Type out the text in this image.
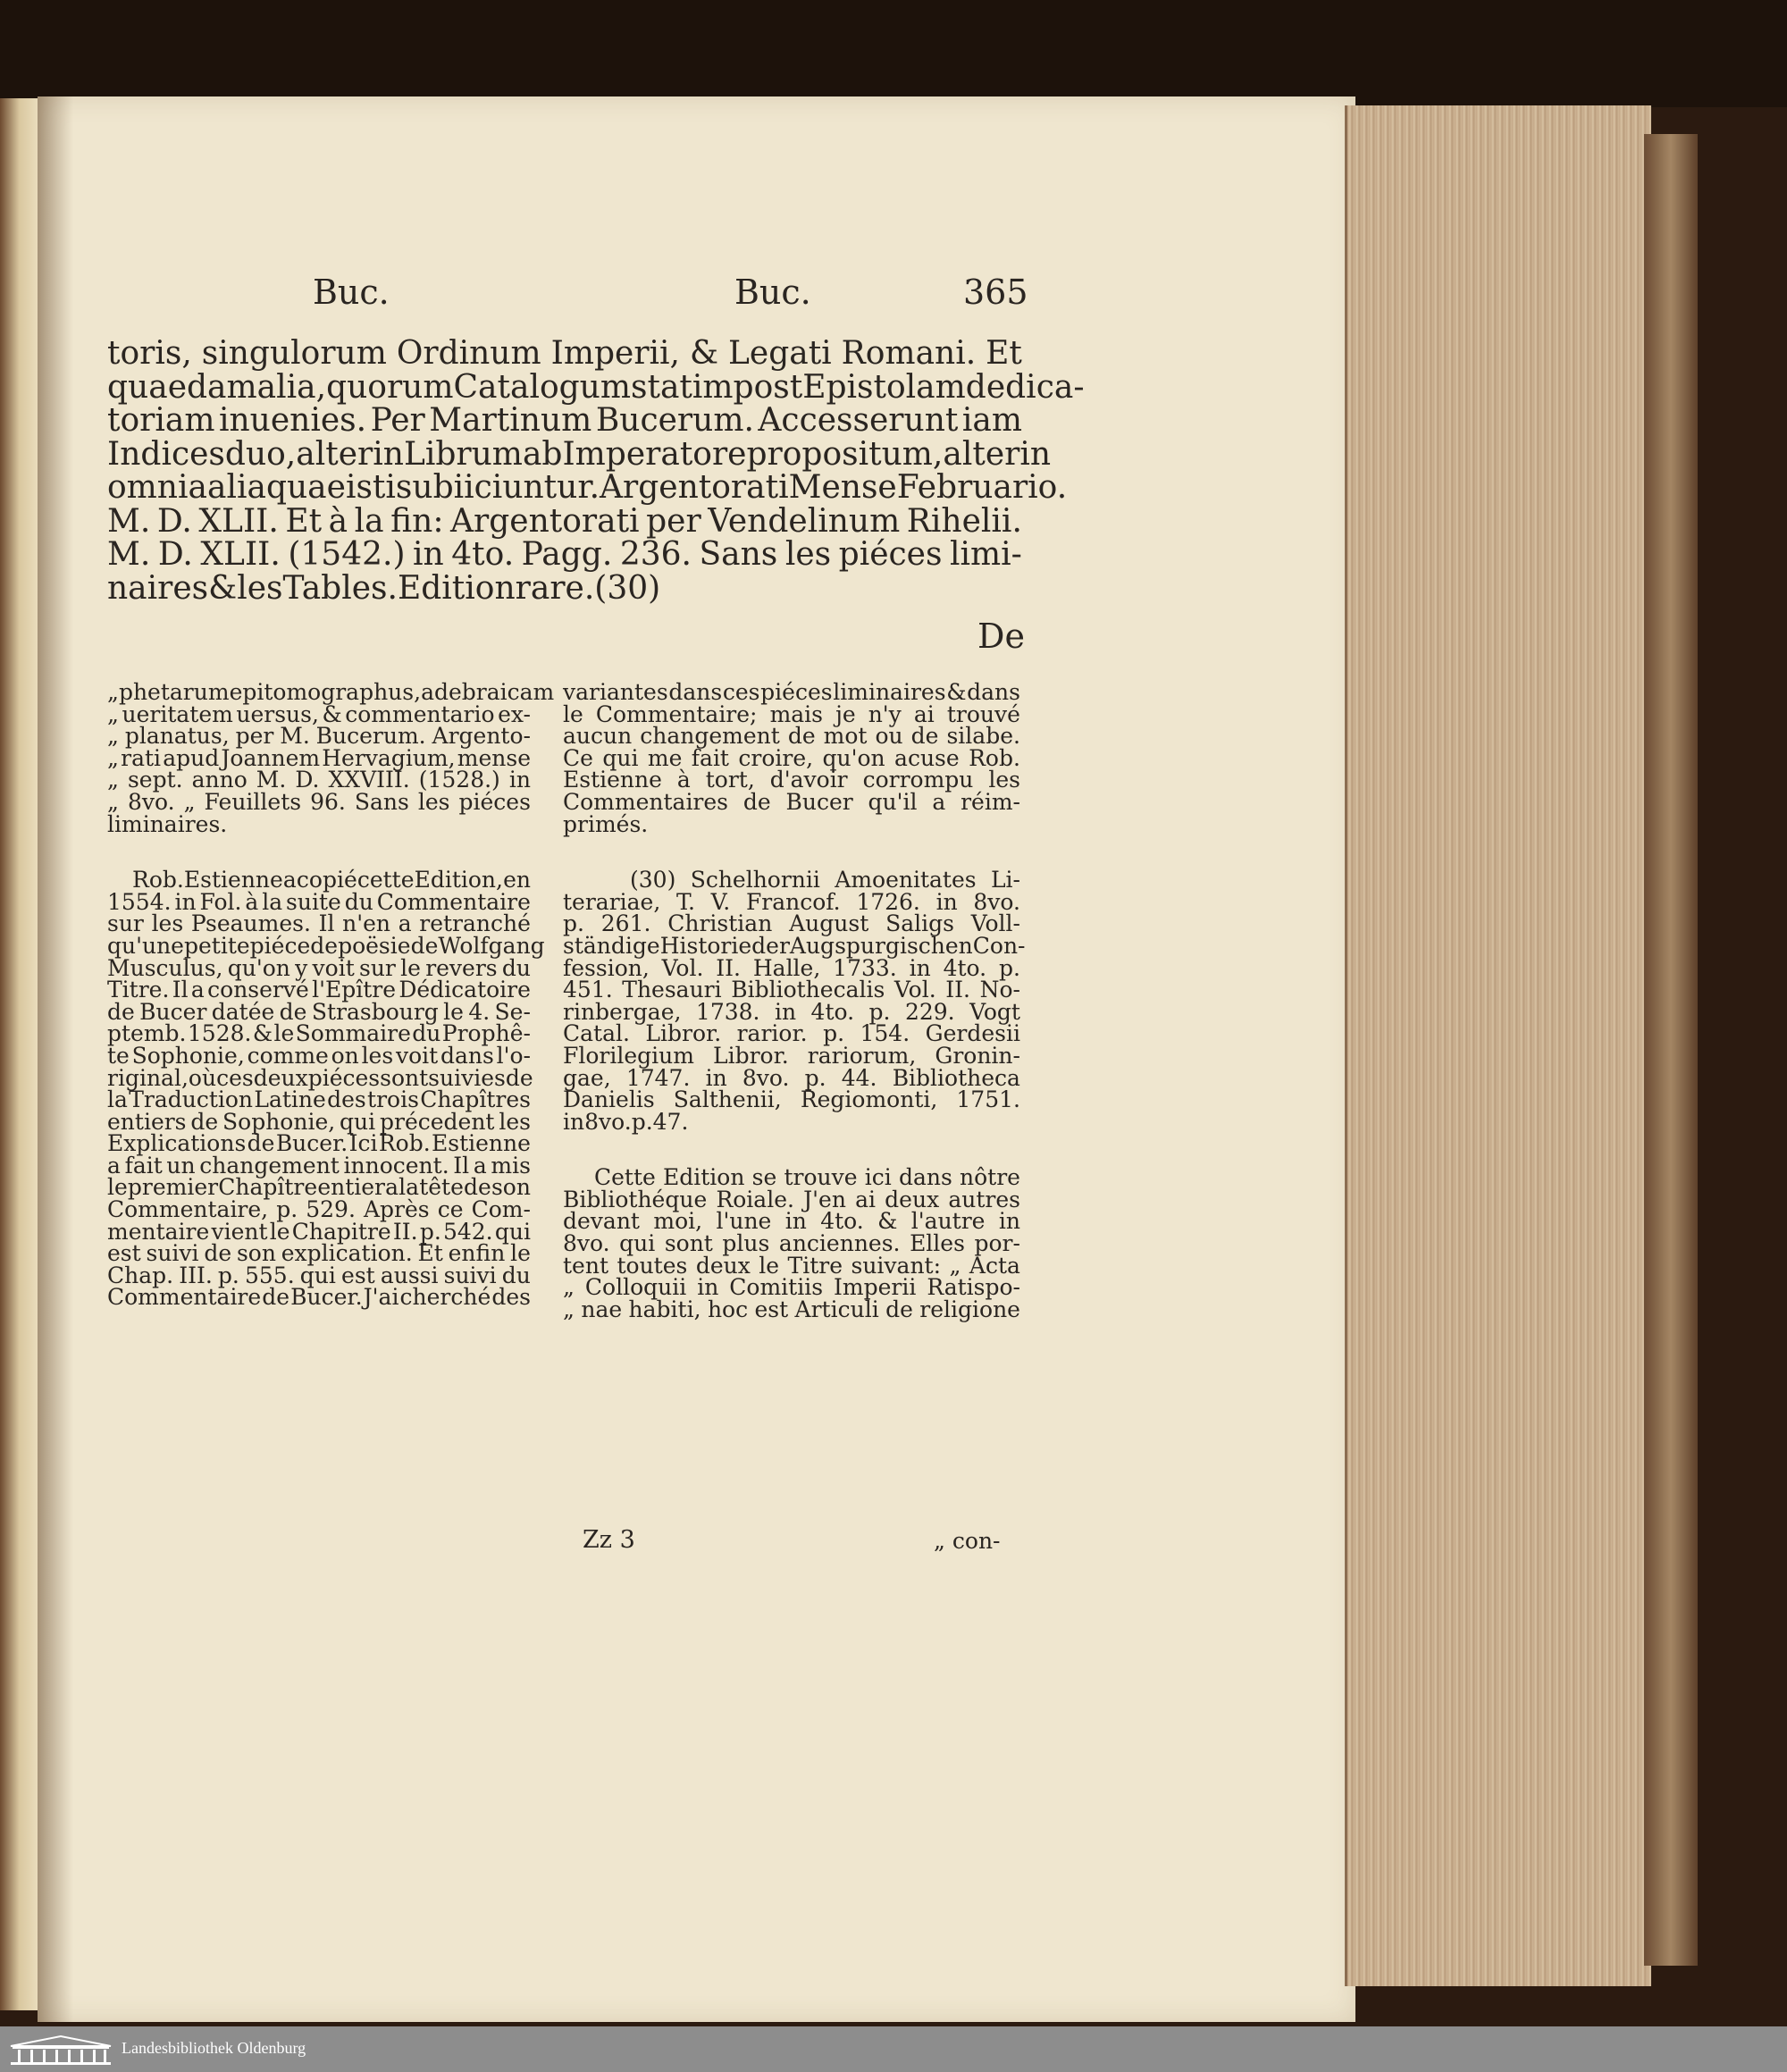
Buc.	Buc.	365
toris, singulorum Ordinum Imperii, & Legati Romani. Et
quaedam alia, quorum Catalogum statim post Epistolam dedica-
toriam inuenies. Per Martinum Bucerum. Accesserunt iam
Indices duo, alter in Librum ab Imperatore propositum, alter in
omnia alia quae isti subiiciuntur. Argentorati Mense Februario.
M. D. XLII. Et à la fin: Argentorati per Vendelinum Rihelii.
M. D. XLII. (1542.) in 4to. Pagg. 236. Sans les piéces limi-
naires & les Tables. Edition rare. (30)
De
„ phetarum epitomographus, ad ebraicam
„ ueritatem uersus, & commentario ex-
„ planatus, per M. Bucerum. Argento-
„ rati apud Joannem Hervagium, mense
„ sept. anno M. D. XXVIII. (1528.) in
„ 8vo. „ Feuillets 96. Sans les piéces
liminaires.
Rob. Estienne a copié cette Edition, en
1554. in Fol. à la suite du Commentaire
sur les Pseaumes. Il n'en a retranché
qu'une petite piéce de poësie de Wolfgang
Musculus, qu'on y voit sur le revers du
Titre. Il a conservé l'Epître Dédicatoire
de Bucer datée de Strasbourg le 4. Se-
ptemb. 1528. & le Sommaire du Prophê-
te Sophonie, comme on les voit dans l'o-
riginal, où ces deux piéces sont suivies de
la Traduction Latine des trois Chapîtres
entiers de Sophonie, qui précedent les
Explications de Bucer. Ici Rob. Estienne
a fait un changement innocent. Il a mis
le premier Chapître entier a la tête de son
Commentaire, p. 529. Après ce Com-
mentaire vient le Chapitre II. p. 542. qui
est suivi de son explication. Et enfin le
Chap. III. p. 555. qui est aussi suivi du
Commentaire de Bucer. J'ai cherché des
variantes dans ces piéces liminaires & dans
le Commentaire; mais je n'y ai trouvé
aucun changement de mot ou de silabe.
Ce qui me fait croire, qu'on acuse Rob.
Estienne à tort, d'avoir corrompu les
Commentaires de Bucer qu'il a réim-
primés.
(30) Schelhornii Amoenitates Li-
terariae, T. V. Francof. 1726. in 8vo.
p. 261. Christian August Saligs Voll-
ständige Historie der Augspurgischen Con-
fession, Vol. II. Halle, 1733. in 4to. p.
451. Thesauri Bibliothecalis Vol. II. No-
rinbergae, 1738. in 4to. p. 229. Vogt
Catal. Libror. rarior. p. 154. Gerdesii
Florilegium Libror. rariorum, Gronin-
gae, 1747. in 8vo. p. 44. Bibliotheca
Danielis Salthenii, Regiomonti, 1751.
in 8vo. p. 47.
Cette Edition se trouve ici dans nôtre
Bibliothéque Roiale. J'en ai deux autres
devant moi, l'une in 4to. & l'autre in
8vo. qui sont plus anciennes. Elles por-
tent toutes deux le Titre suivant: „ Acta
„ Colloquii in Comitiis Imperii Ratispo-
„ nae habiti, hoc est Articuli de religione
Zz 3	„ con-
Landesbibliothek Oldenburg
